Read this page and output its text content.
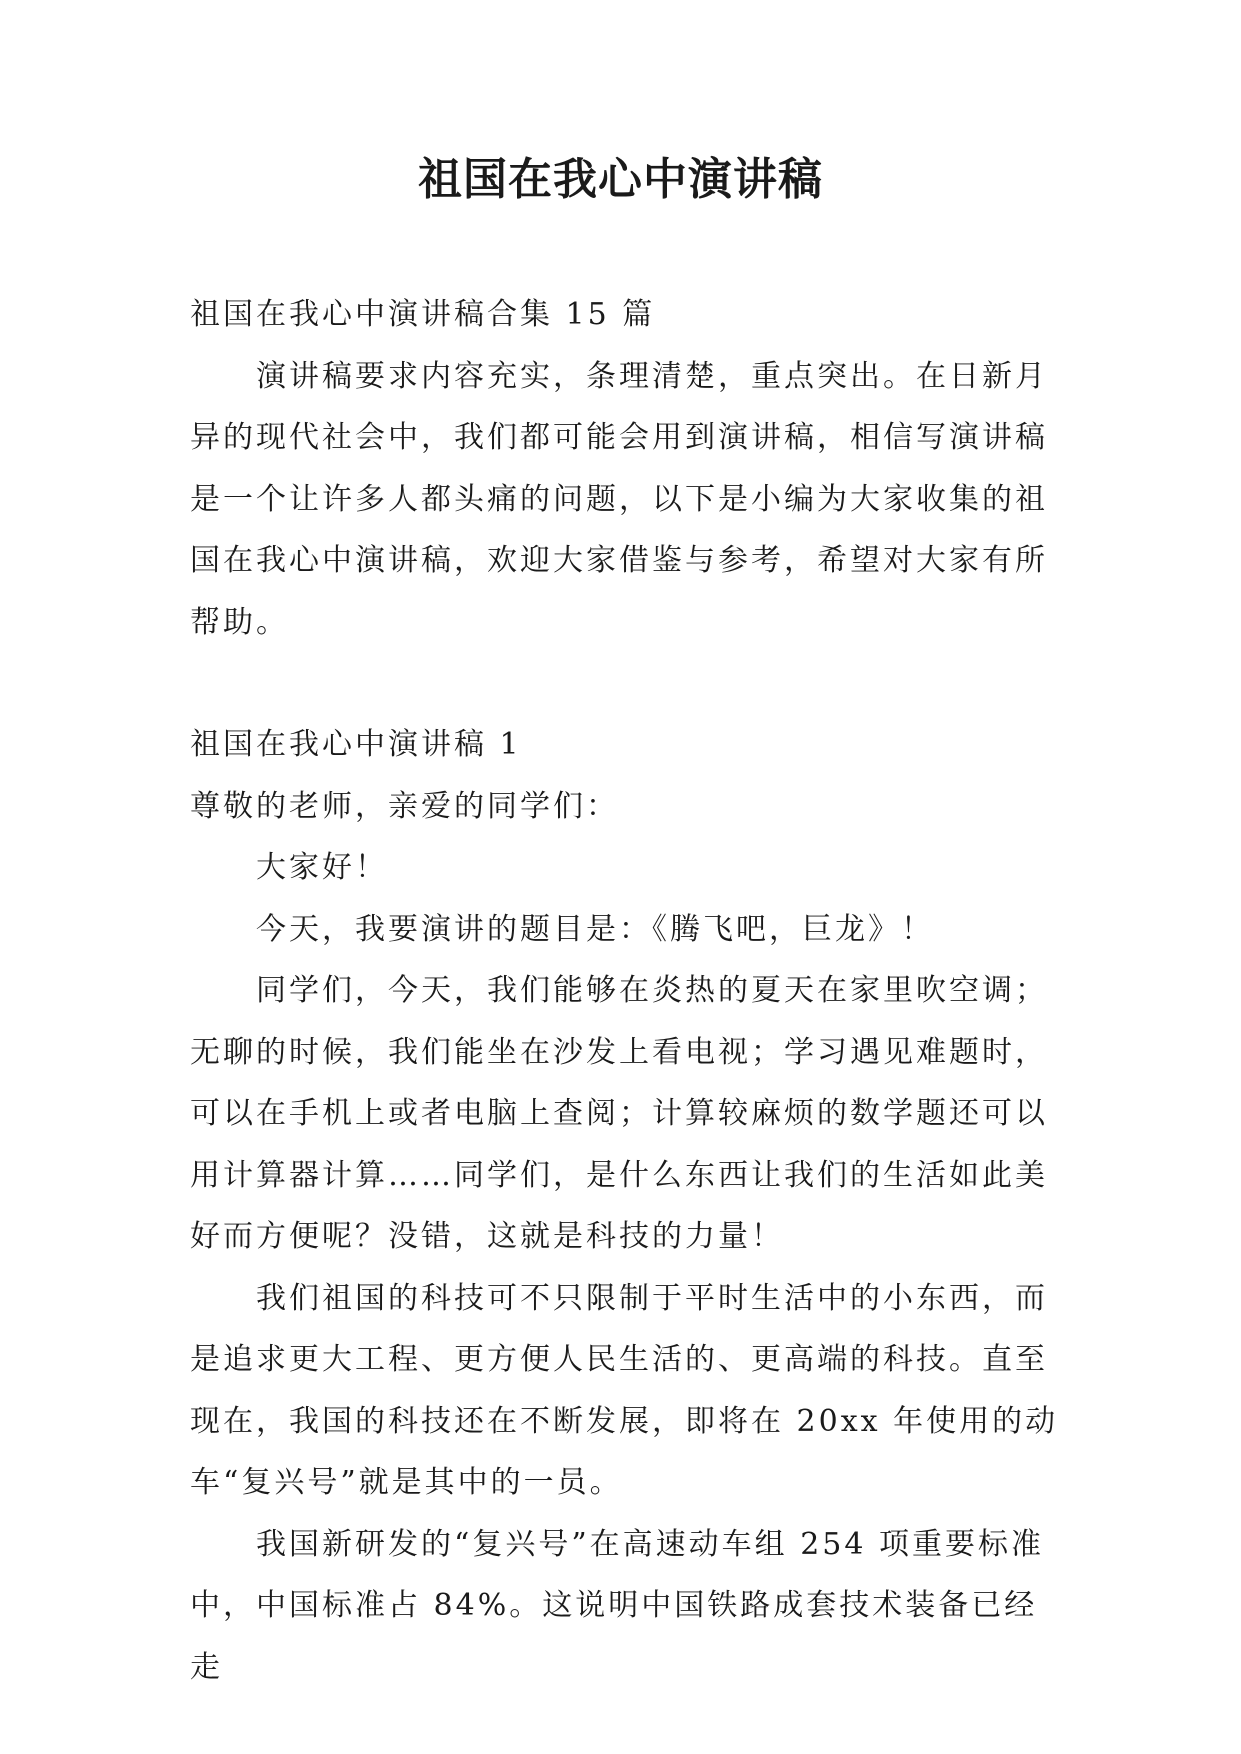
祖国在我心中演讲稿

祖国在我心中演讲稿合集 15 篇

演讲稿要求内容充实，条理清楚，重点突出。在日新月异的现代社会中，我们都可能会用到演讲稿，相信写演讲稿是一个让许多人都头痛的问题，以下是小编为大家收集的祖国在我心中演讲稿，欢迎大家借鉴与参考，希望对大家有所帮助。

祖国在我心中演讲稿 1

尊敬的老师，亲爱的同学们：

大家好！

今天，我要演讲的题目是：《腾飞吧，巨龙》！

同学们，今天，我们能够在炎热的夏天在家里吹空调；无聊的时候，我们能坐在沙发上看电视；学习遇见难题时，可以在手机上或者电脑上查阅；计算较麻烦的数学题还可以用计算器计算……同学们，是什么东西让我们的生活如此美好而方便呢？没错，这就是科技的力量！

我们祖国的科技可不只限制于平时生活中的小东西，而是追求更大工程、更方便人民生活的、更高端的科技。直至现在，我国的科技还在不断发展，即将在 20xx 年使用的动车“复兴号”就是其中的一员。

我国新研发的“复兴号”在高速动车组 254 项重要标准中，中国标准占 84%。这说明中国铁路成套技术装备已经走
